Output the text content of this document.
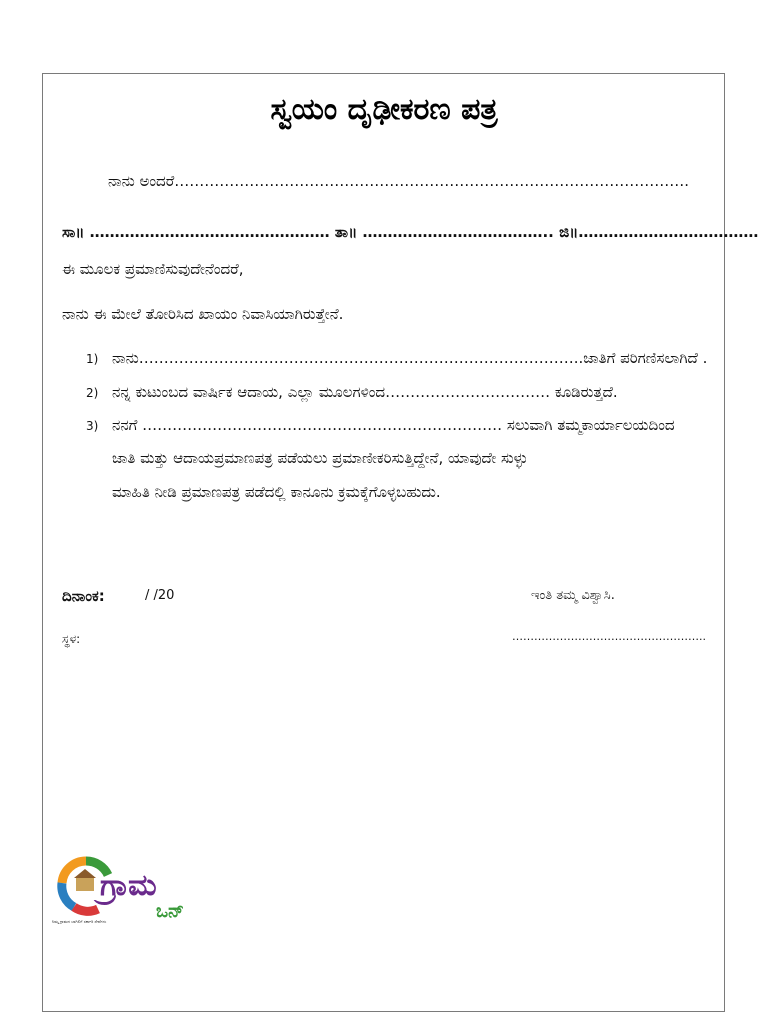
ಸ್ವಯಂ ದೃಢೀಕರಣ ಪತ್ರ
ನಾನು ಅಂದರೆ………………………………………………………………………………………….
ಸಾ॥ ………………………………………… ತಾ॥ ……………………………….. ಜಿ॥………………………………
ಈ ಮೂಲಕ ಪ್ರಮಾಣಿಸುವುದೇನೆಂದರೆ,
ನಾನು ಈ ಮೇಲೆ ತೋರಿಸಿದ ಖಾಯಂ ನಿವಾಸಿಯಾಗಿರುತ್ತೇನೆ.
1) ನಾನು……………………………………………………………………………..ಜಾತಿಗೆ ಪರಿಗಣಿಸಲಾಗಿದೆ .
2) ನನ್ನ ಕುಟುಂಬದ ವಾರ್ಷಿಕ ಆದಾಯ, ಎಲ್ಲಾ ಮೂಲಗಳಿಂದ…………………………… ಕೂಡಿರುತ್ತದೆ.
3) ನನಗೆ ……………………………………………………………… ಸಲುವಾಗಿ ತಮ್ಮಕಾರ್ಯಾಲಯದಿಂದ
ಜಾತಿ ಮತ್ತು ಆದಾಯಪ್ರಮಾಣಪತ್ರ ಪಡೆಯಲು ಪ್ರಮಾಣೀಕರಿಸುತ್ತಿದ್ದೇನೆ, ಯಾವುದೇ ಸುಳ್ಳು
ಮಾಹಿತಿ ನೀಡಿ ಪ್ರಮಾಣಪತ್ರ ಪಡೆದಲ್ಲಿ ಕಾನೂನು ಕ್ರಮಕ್ಕೆಗೊಳ್ಳಬಹುದು.
ದಿನಾಂಕ:	/ /20	ಇಂತಿ ತಮ್ಮ ವಿಶ್ವಾಸಿ.
ಸ್ಥಳ:	……………………………………………..
ಗ್ರಾಮ
ಒನ್
ನಿಮ್ಮ ಗ್ರಾಮದ ಬಾಗಿಲಿಗೆ ಸರ್ಕಾರಿ ಸೇವೆಗಳು
